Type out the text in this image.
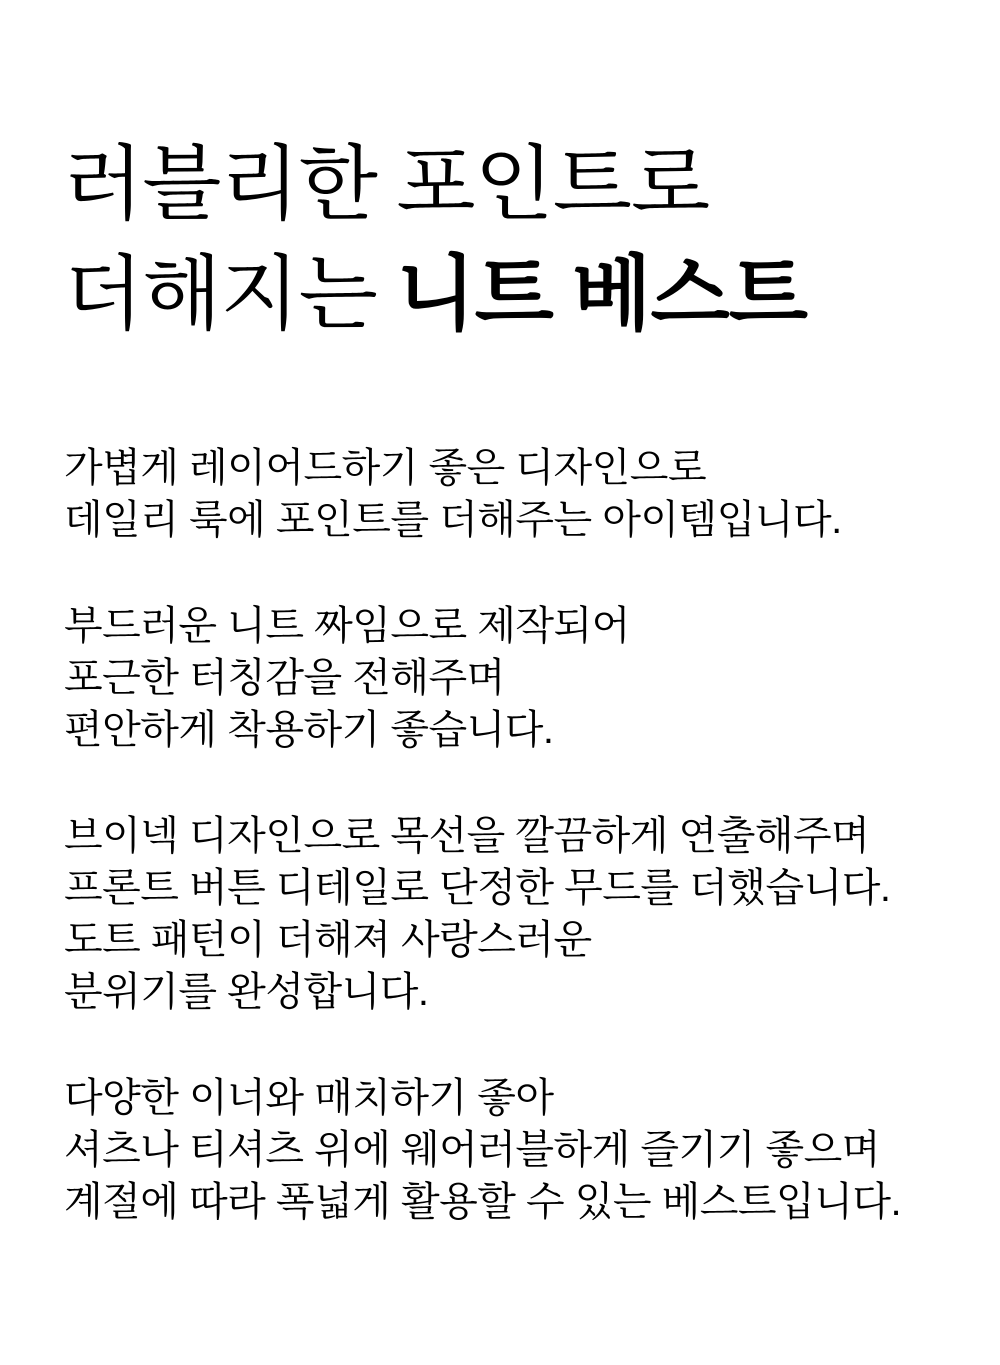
러블리한 포인트로
더해지는 니트 베스트

가볍게 레이어드하기 좋은 디자인으로
데일리 룩에 포인트를 더해주는 아이템입니다.

부드러운 니트 짜임으로 제작되어
포근한 터칭감을 전해주며
편안하게 착용하기 좋습니다.

브이넥 디자인으로 목선을 깔끔하게 연출해주며
프론트 버튼 디테일로 단정한 무드를 더했습니다.
도트 패턴이 더해져 사랑스러운
분위기를 완성합니다.

다양한 이너와 매치하기 좋아
셔츠나 티셔츠 위에 웨어러블하게 즐기기 좋으며
계절에 따라 폭넓게 활용할 수 있는 베스트입니다.
